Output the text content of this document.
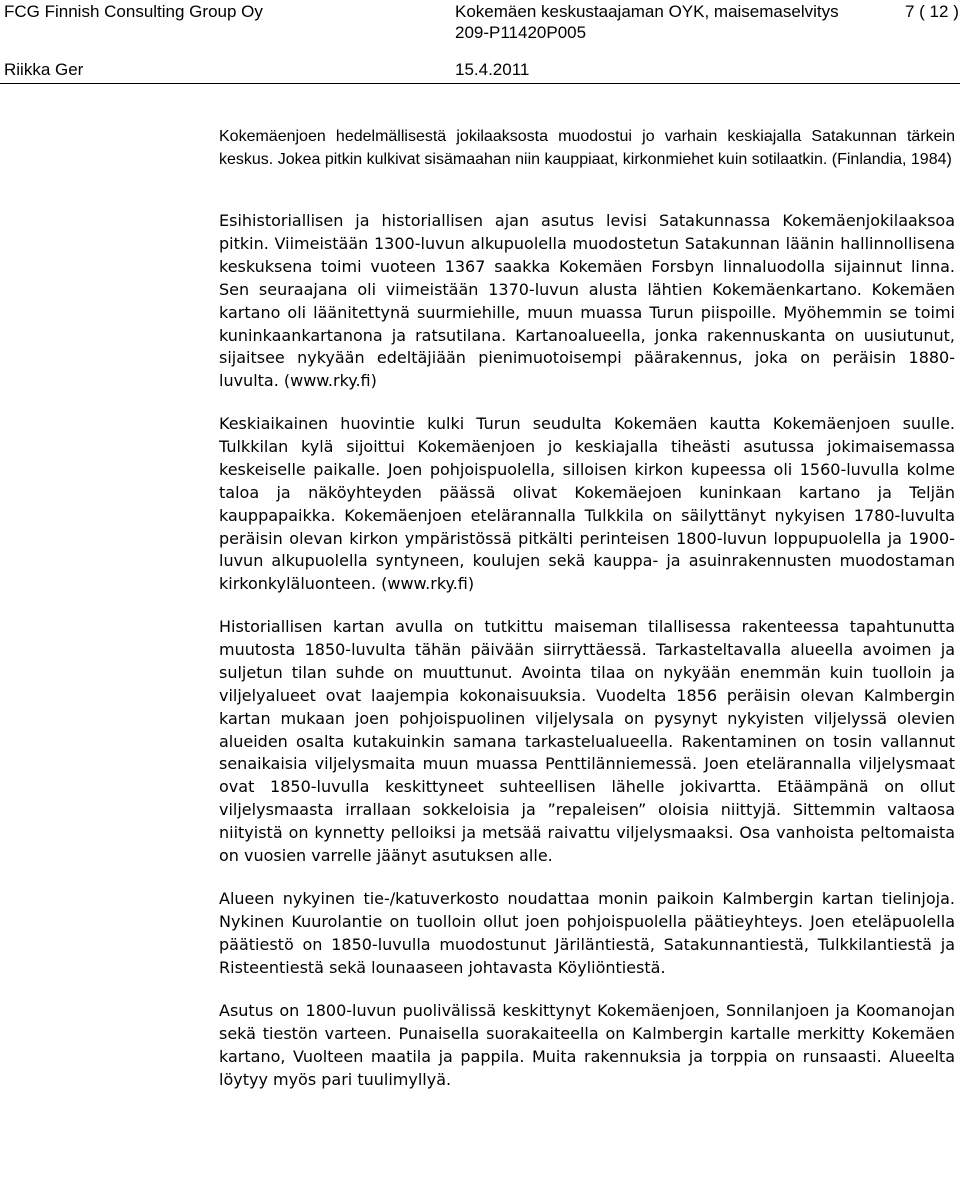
FCG Finnish Consulting Group Oy	Kokemäen keskustaajaman OYK, maisemaselvitys	7 ( 12 )
209-P11420P005
Riikka Ger	15.4.2011

Kokemäenjoen hedelmällisestä jokilaaksosta muodostui jo varhain keskiajalla Satakunnan tärkein keskus. Jokea pitkin kulkivat sisämaahan niin kauppiaat, kirkonmiehet kuin sotilaatkin. (Finlandia, 1984)

Esihistoriallisen ja historiallisen ajan asutus levisi Satakunnassa Kokemäenjokilaaksoa pitkin. Viimeistään 1300-luvun alkupuolella muodostetun Satakunnan läänin hallinnollisena keskuksena toimi vuoteen 1367 saakka Kokemäen Forsbyn linnaluodolla sijainnut linna. Sen seuraajana oli viimeistään 1370-luvun alusta lähtien Kokemäenkartano. Kokemäen kartano oli läänitettynä suurmiehille, muun muassa Turun piispoille. Myöhemmin se toimi kuninkaankartanona ja ratsutilana. Kartanoalueella, jonka rakennuskanta on uusiutunut, sijaitsee nykyään edeltäjiään pienimuotoisempi päärakennus, joka on peräisin 1880-luvulta. (www.rky.fi)

Keskiaikainen huovintie kulki Turun seudulta Kokemäen kautta Kokemäenjoen suulle. Tulkkilan kylä sijoittui Kokemäenjoen jo keskiajalla tiheästi asutussa jokimaisemassa keskeiselle paikalle. Joen pohjoispuolella, silloisen kirkon kupeessa oli 1560-luvulla kolme taloa ja näköyhteyden päässä olivat Kokemäejoen kuninkaan kartano ja Teljän kauppapaikka. Kokemäenjoen etelärannalla Tulkkila on säilyttänyt nykyisen 1780-luvulta peräisin olevan kirkon ympäristössä pitkälti perinteisen 1800-luvun loppupuolella ja 1900-luvun alkupuolella syntyneen, koulujen sekä kauppa- ja asuinrakennusten muodostaman kirkonkyläluonteen. (www.rky.fi)

Historiallisen kartan avulla on tutkittu maiseman tilallisessa rakenteessa tapahtunutta muutosta 1850-luvulta tähän päivään siirryttäessä. Tarkasteltavalla alueella avoimen ja suljetun tilan suhde on muuttunut. Avointa tilaa on nykyään enemmän kuin tuolloin ja viljelyalueet ovat laajempia kokonaisuuksia. Vuodelta 1856 peräisin olevan Kalmbergin kartan mukaan joen pohjoispuolinen viljelysala on pysynyt nykyisten viljelyssä olevien alueiden osalta kutakuinkin samana tarkastelualueella. Rakentaminen on tosin vallannut senaikaisia viljelysmaita muun muassa Penttilänniemessä. Joen etelärannalla viljelysmaat ovat 1850-luvulla keskittyneet suhteellisen lähelle jokivartta. Etäämpänä on ollut viljelysmaasta irrallaan sokkeloisia ja ”repaleisen” oloisia niittyjä. Sittemmin valtaosa niityistä on kynnetty pelloiksi ja metsää raivattu viljelysmaaksi. Osa vanhoista peltomaista on vuosien varrelle jäänyt asutuksen alle.

Alueen nykyinen tie-/katuverkosto noudattaa monin paikoin Kalmbergin kartan tielinjoja. Nykinen Kuurolantie on tuolloin ollut joen pohjoispuolella päätieyhteys. Joen eteläpuolella päätiestö on 1850-luvulla muodostunut Järiläntiestä, Satakunnantiestä, Tulkkilantiestä ja Risteentiestä sekä lounaaseen johtavasta Köyliöntiestä.

Asutus on 1800-luvun puolivälissä keskittynyt Kokemäenjoen, Sonnilanjoen ja Koomanojan sekä tiestön varteen. Punaisella suorakaiteella on Kalmbergin kartalle merkitty Kokemäen kartano, Vuolteen maatila ja pappila. Muita rakennuksia ja torppia on runsaasti. Alueelta löytyy myös pari tuulimyllyä.
